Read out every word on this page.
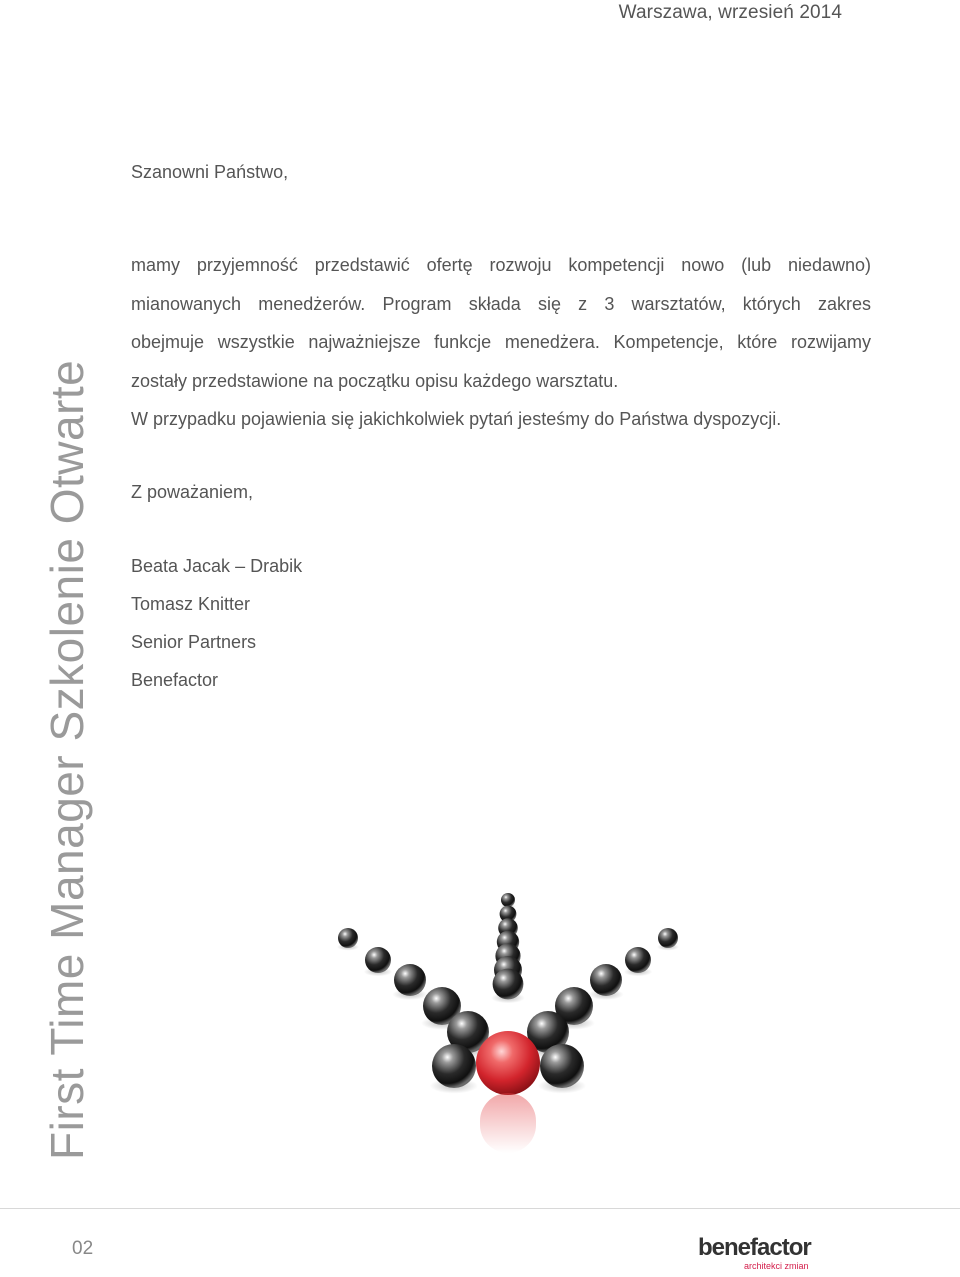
Warszawa, wrzesień 2014
First Time Manager Szkolenie Otwarte
Szanowni Państwo,
mamy przyjemność przedstawić ofertę rozwoju kompetencji nowo (lub niedawno)
mianowanych menedżerów. Program składa się z 3 warsztatów, których zakres
obejmuje wszystkie najważniejsze funkcje menedżera. Kompetencje, które rozwijamy
zostały przedstawione na początku opisu każdego warsztatu.
W przypadku pojawienia się jakichkolwiek pytań jesteśmy do Państwa dyspozycji.
Z poważaniem,
Beata Jacak – Drabik
Tomasz Knitter
Senior Partners
Benefactor
02	benefactor
architekci zmian
